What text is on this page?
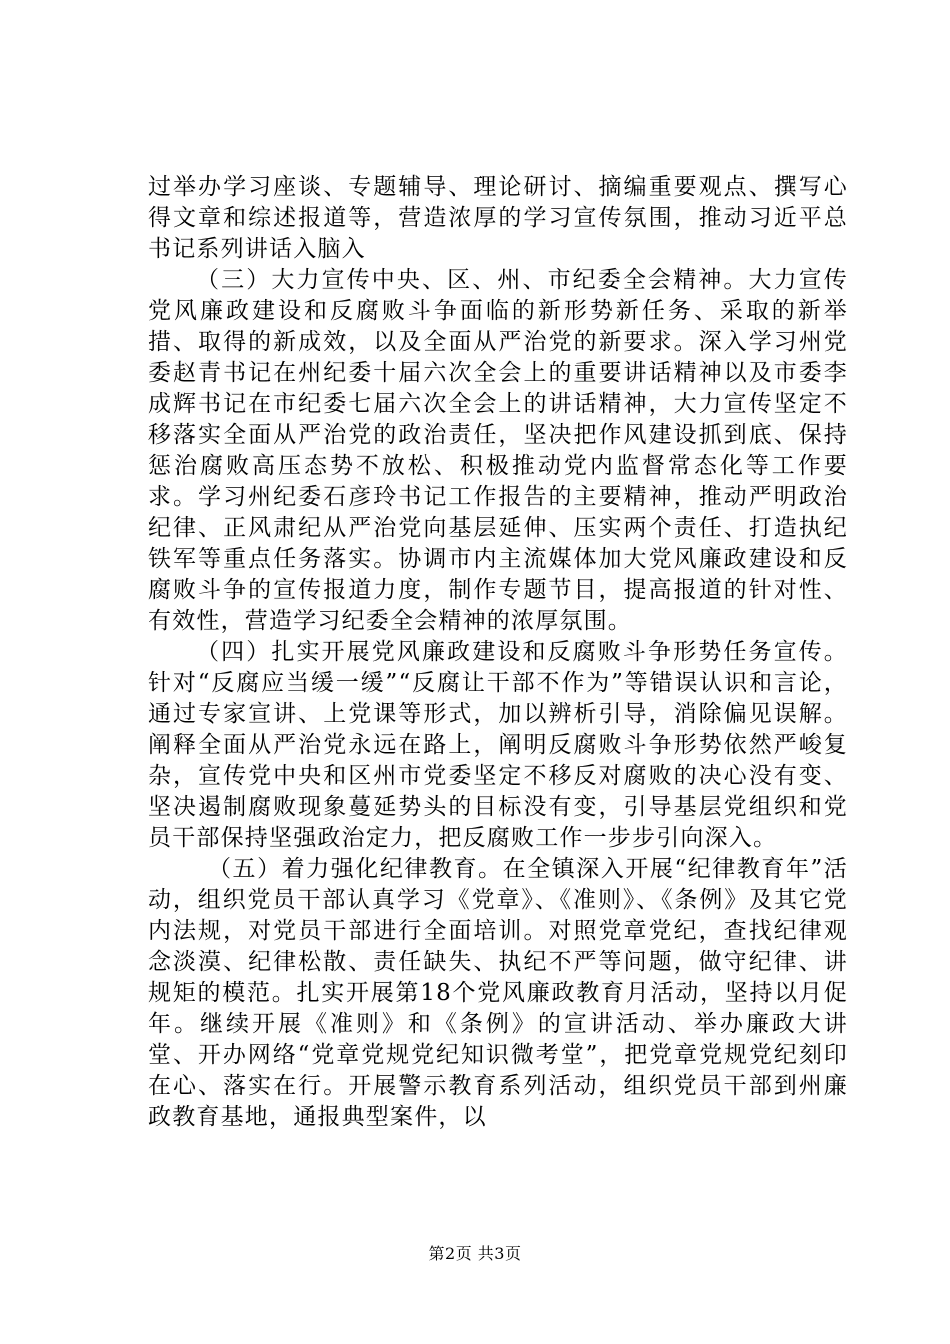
过举办学习座谈、专题辅导、理论研讨、摘编重要观点、撰写心得文章和综述报道等，营造浓厚的学习宣传氛围，推动习近平总书记系列讲话入脑入

（三）大力宣传中央、区、州、市纪委全会精神。大力宣传党风廉政建设和反腐败斗争面临的新形势新任务、采取的新举措、取得的新成效，以及全面从严治党的新要求。深入学习州党委赵青书记在州纪委十届六次全会上的重要讲话精神以及市委李成辉书记在市纪委七届六次全会上的讲话精神，大力宣传坚定不移落实全面从严治党的政治责任，坚决把作风建设抓到底、保持惩治腐败高压态势不放松、积极推动党内监督常态化等工作要求。学习州纪委石彦玲书记工作报告的主要精神，推动严明政治纪律、正风肃纪从严治党向基层延伸、压实两个责任、打造执纪铁军等重点任务落实。协调市内主流媒体加大党风廉政建设和反腐败斗争的宣传报道力度，制作专题节目，提高报道的针对性、有效性，营造学习纪委全会精神的浓厚氛围。

（四）扎实开展党风廉政建设和反腐败斗争形势任务宣传。针对“反腐应当缓一缓”“反腐让干部不作为”等错误认识和言论，通过专家宣讲、上党课等形式，加以辨析引导，消除偏见误解。阐释全面从严治党永远在路上，阐明反腐败斗争形势依然严峻复杂，宣传党中央和区州市党委坚定不移反对腐败的决心没有变、坚决遏制腐败现象蔓延势头的目标没有变，引导基层党组织和党员干部保持坚强政治定力，把反腐败工作一步步引向深入。

（五）着力强化纪律教育。在全镇深入开展“纪律教育年”活动，组织党员干部认真学习《党章》、《准则》、《条例》及其它党内法规，对党员干部进行全面培训。对照党章党纪，查找纪律观念淡漠、纪律松散、责任缺失、执纪不严等问题，做守纪律、讲规矩的模范。扎实开展第18个党风廉政教育月活动，坚持以月促年。继续开展《准则》和《条例》的宣讲活动、举办廉政大讲堂、开办网络“党章党规党纪知识微考堂”，把党章党规党纪刻印在心、落实在行。开展警示教育系列活动，组织党员干部到州廉政教育基地，通报典型案件，以

第2页 共3页
